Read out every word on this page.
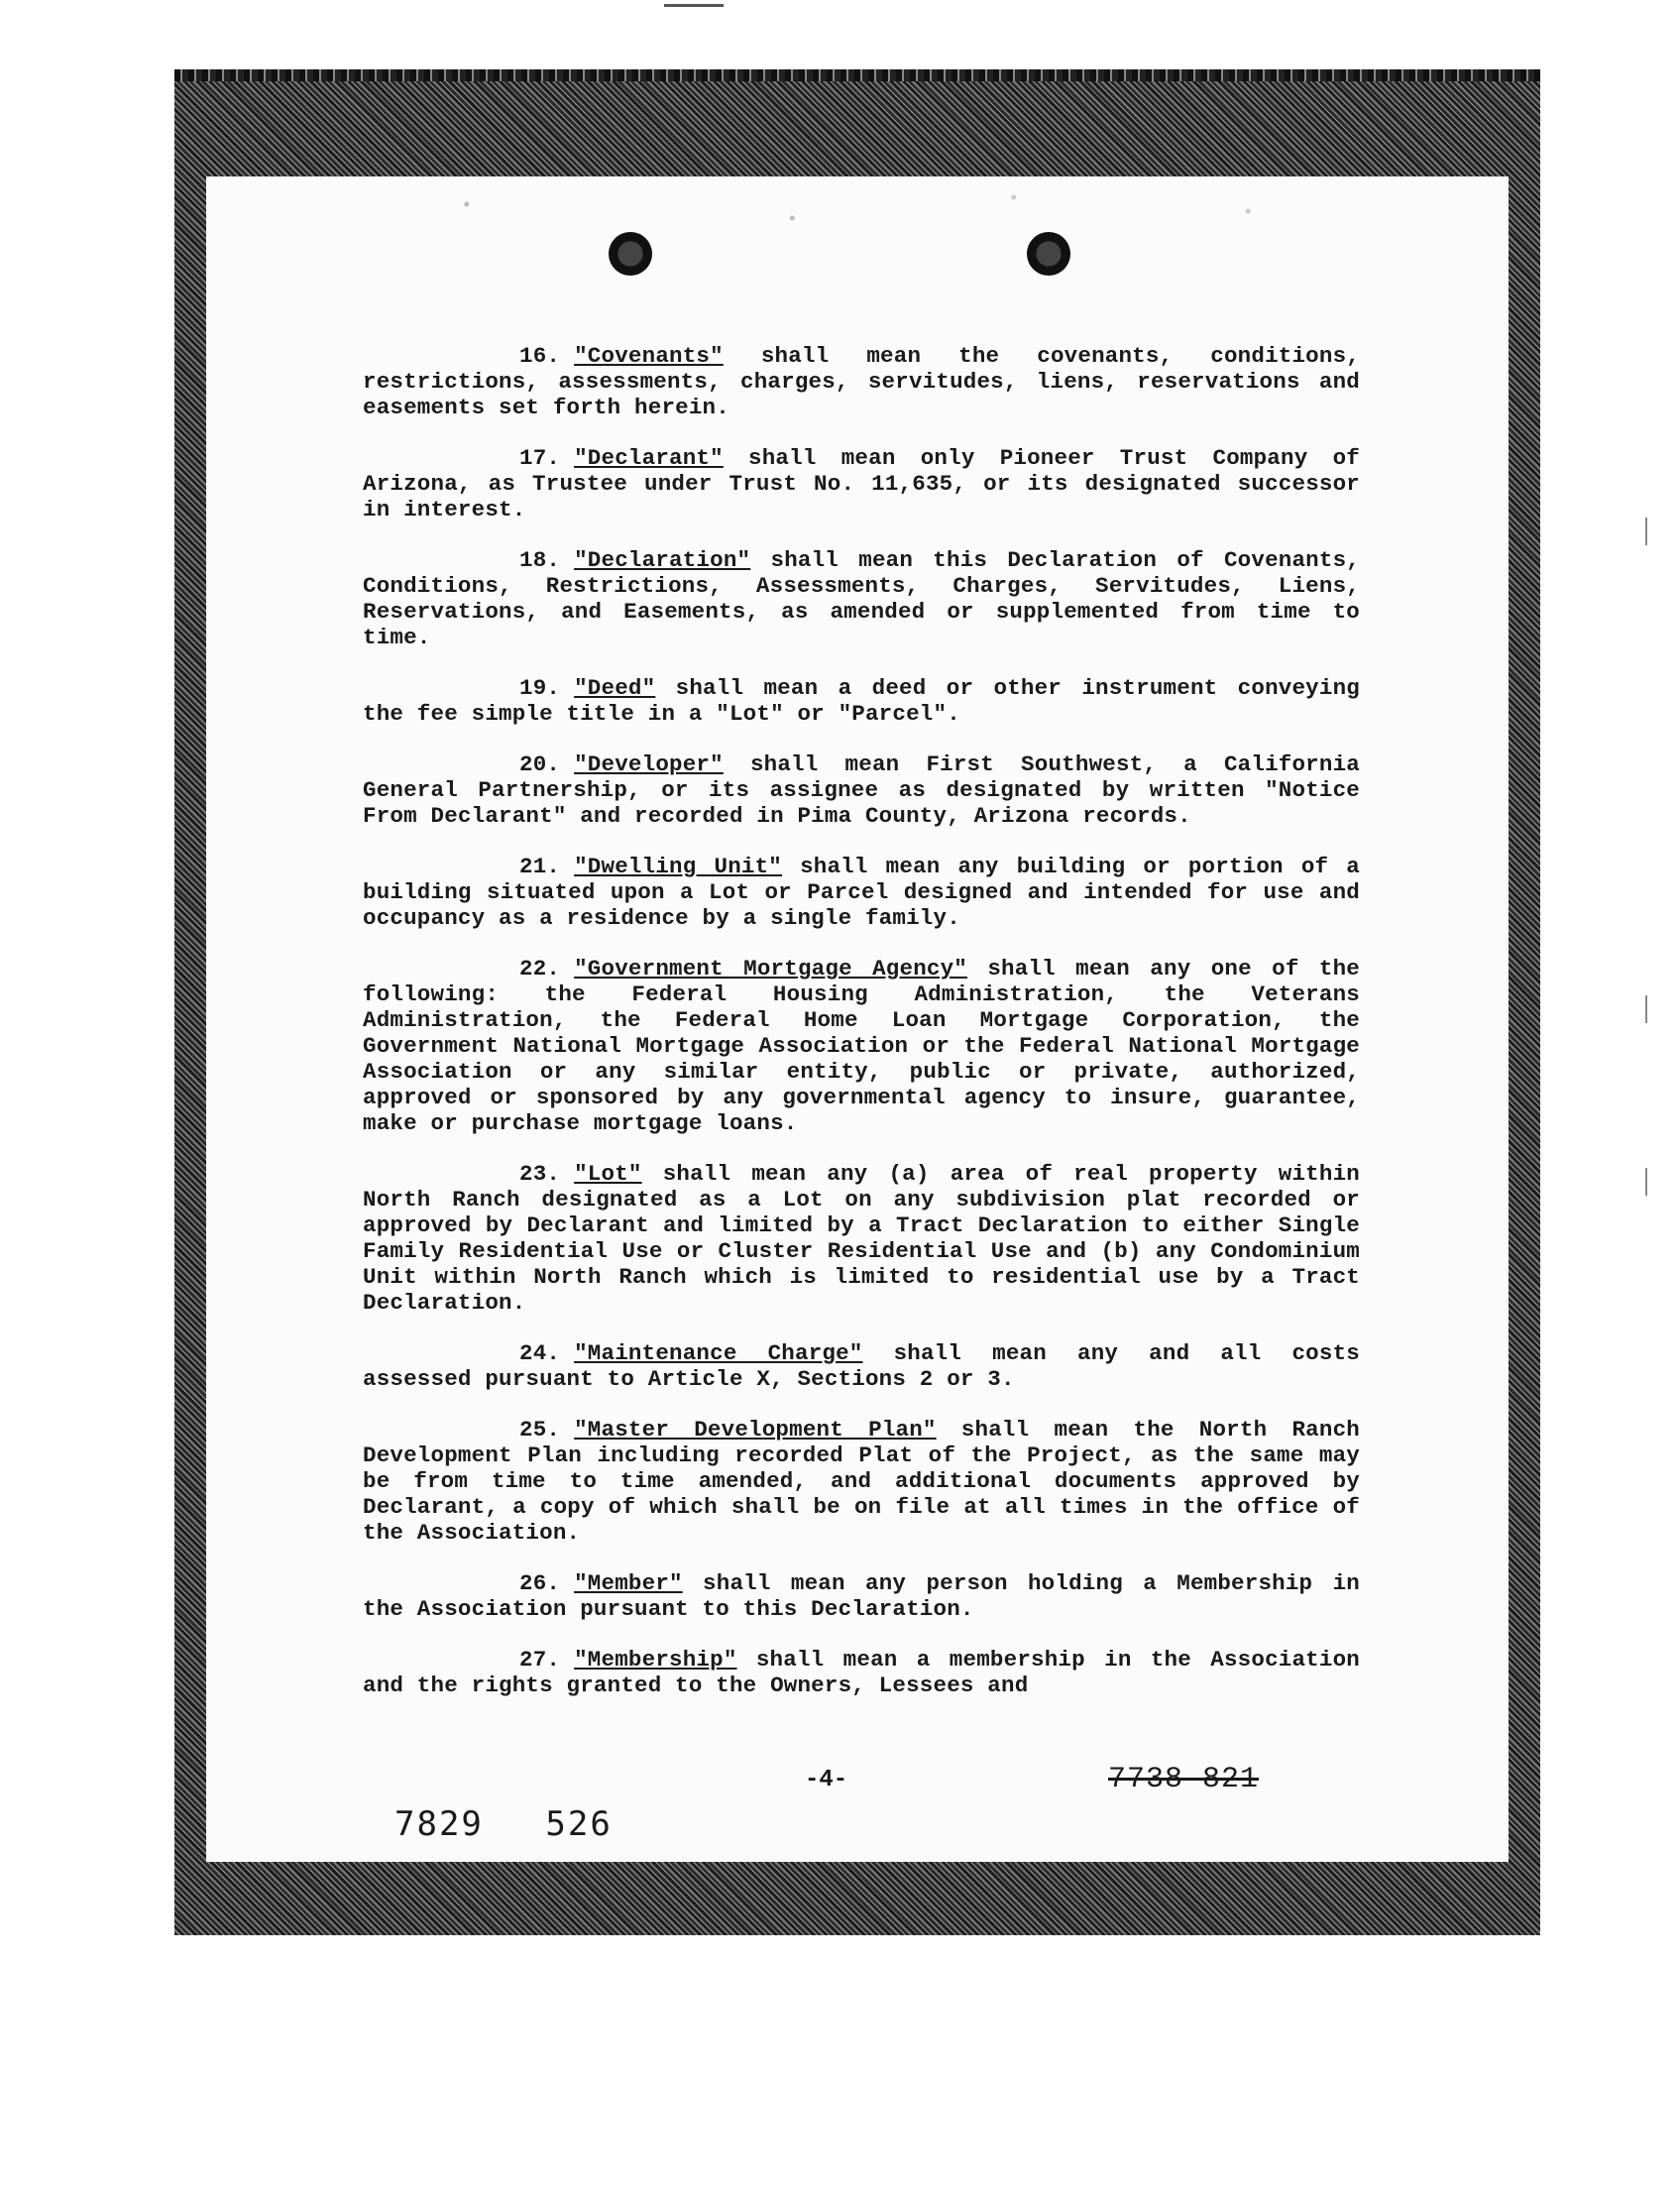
16. "Covenants" shall mean the covenants, conditions, restrictions, assessments, charges, servitudes, liens, reservations and easements set forth herein.

17. "Declarant" shall mean only Pioneer Trust Company of Arizona, as Trustee under Trust No. 11,635, or its designated successor in interest.

18. "Declaration" shall mean this Declaration of Covenants, Conditions, Restrictions, Assessments, Charges, Servitudes, Liens, Reservations, and Easements, as amended or supplemented from time to time.

19. "Deed" shall mean a deed or other instrument conveying the fee simple title in a "Lot" or "Parcel".

20. "Developer" shall mean First Southwest, a California General Partnership, or its assignee as designated by written "Notice From Declarant" and recorded in Pima County, Arizona records.

21. "Dwelling Unit" shall mean any building or portion of a building situated upon a Lot or Parcel designed and intended for use and occupancy as a residence by a single family.

22. "Government Mortgage Agency" shall mean any one of the following: the Federal Housing Administration, the Veterans Administration, the Federal Home Loan Mortgage Corporation, the Government National Mortgage Association or the Federal National Mortgage Association or any similar entity, public or private, authorized, approved or sponsored by any governmental agency to insure, guarantee, make or purchase mortgage loans.

23. "Lot" shall mean any (a) area of real property within North Ranch designated as a Lot on any subdivision plat recorded or approved by Declarant and limited by a Tract Declaration to either Single Family Residential Use or Cluster Residential Use and (b) any Condominium Unit within North Ranch which is limited to residential use by a Tract Declaration.

24. "Maintenance Charge" shall mean any and all costs assessed pursuant to Article X, Sections 2 or 3.

25. "Master Development Plan" shall mean the North Ranch Development Plan including recorded Plat of the Project, as the same may be from time to time amended, and additional documents approved by Declarant, a copy of which shall be on file at all times in the office of the Association.

26. "Member" shall mean any person holding a Membership in the Association pursuant to this Declaration.

27. "Membership" shall mean a membership in the Association and the rights granted to the Owners, Lessees and

-4-	7738 821
7829 526
